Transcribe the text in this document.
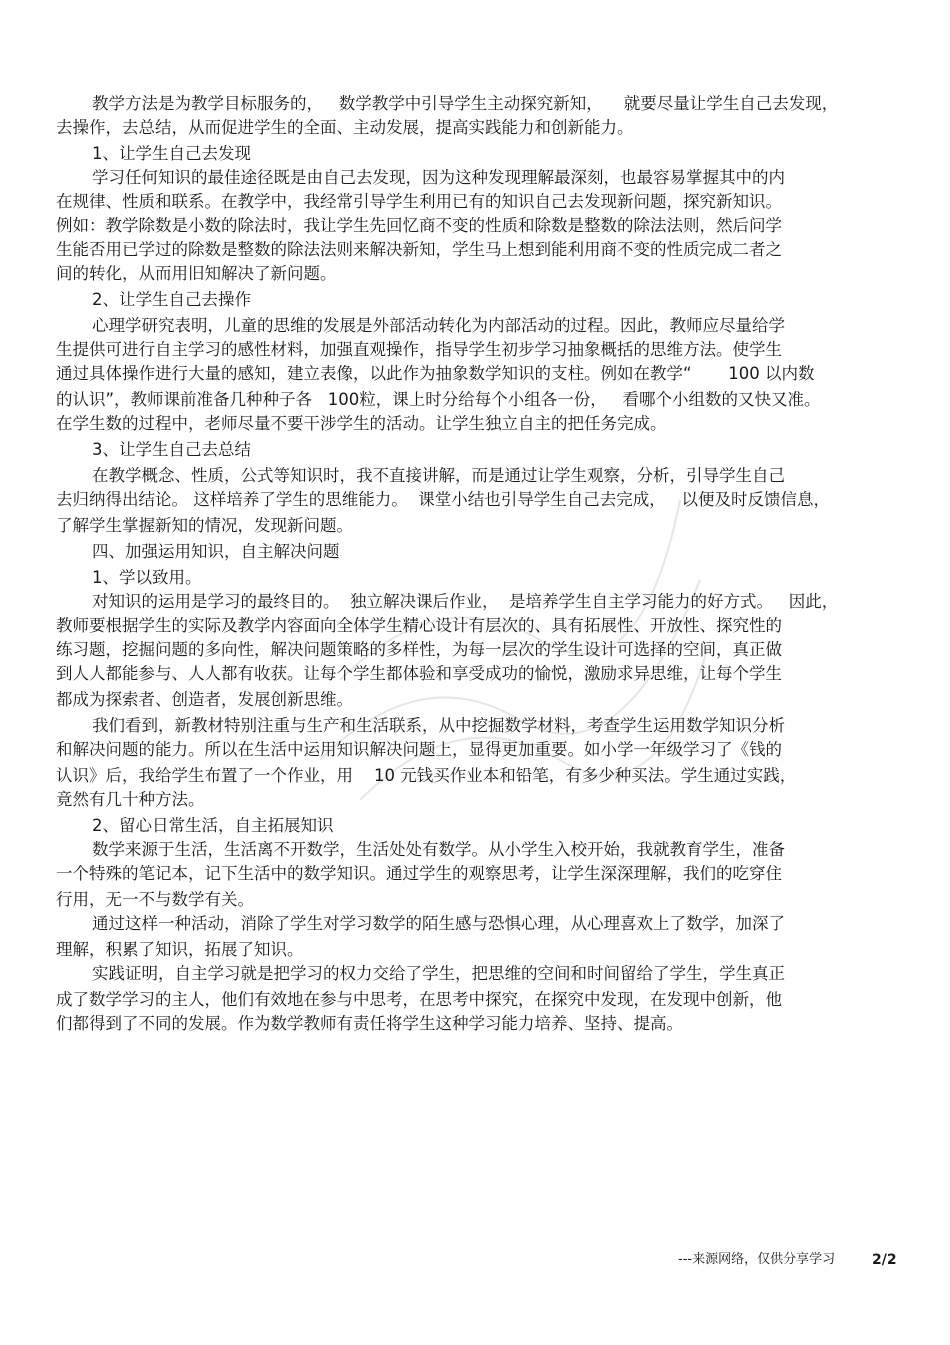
教学方法是为教学目标服务的，   数学教学中引导学生主动探究新知，    就要尽量让学生自己去发现，
去操作，去总结，从而促进学生的全面、主动发展，提高实践能力和创新能力。
1、让学生自己去发现
学习任何知识的最佳途径既是由自己去发现，因为这种发现理解最深刻，也最容易掌握其中的内
在规律、性质和联系。在教学中，我经常引导学生利用已有的知识自己去发现新问题，探究新知识。
例如：教学除数是小数的除法时，我让学生先回忆商不变的性质和除数是整数的除法法则，然后问学
生能否用已学过的除数是整数的除法法则来解决新知，学生马上想到能利用商不变的性质完成二者之
间的转化，从而用旧知解决了新问题。
2、让学生自己去操作
心理学研究表明，儿童的思维的发展是外部活动转化为内部活动的过程。因此，教师应尽量给学
生提供可进行自主学习的感性材料，加强直观操作，指导学生初步学习抽象概括的思维方法。使学生
通过具体操作进行大量的感知，建立表像，以此作为抽象数学知识的支柱。例如在教学“       100 以内数
的认识”，教师课前准备几种种子各   100粒，课上时分给每个小组各一份，   看哪个小组数的又快又准。
在学生数的过程中，老师尽量不要干涉学生的活动。让学生独立自主的把任务完成。
3、让学生自己去总结
在教学概念、性质，公式等知识时，我不直接讲解，而是通过让学生观察，分析，引导学生自己
去归纳得出结论。 这样培养了学生的思维能力。  课堂小结也引导学生自己去完成，   以便及时反馈信息，
了解学生掌握新知的情况，发现新问题。
四、加强运用知识，自主解决问题
1、学以致用。
对知识的运用是学习的最终目的。  独立解决课后作业，  是培养学生自主学习能力的好方式。   因此，
教师要根据学生的实际及教学内容面向全体学生精心设计有层次的、具有拓展性、开放性、探究性的
练习题，挖掘问题的多向性，解决问题策略的多样性，为每一层次的学生设计可选择的空间，真正做
到人人都能参与、人人都有收获。让每个学生都体验和享受成功的愉悦，激励求异思维，让每个学生
都成为探索者、创造者，发展创新思维。
我们看到，新教材特别注重与生产和生活联系，从中挖掘数学材料，考查学生运用数学知识分析
和解决问题的能力。所以在生活中运用知识解决问题上，显得更加重要。如小学一年级学习了《钱的
认识》后，我给学生布置了一个作业，用    10 元钱买作业本和铅笔，有多少种买法。学生通过实践，
竟然有几十种方法。
2、留心日常生活，自主拓展知识
数学来源于生活，生活离不开数学，生活处处有数学。从小学生入校开始，我就教育学生，准备
一个特殊的笔记本，记下生活中的数学知识。通过学生的观察思考，让学生深深理解，我们的吃穿住
行用，无一不与数学有关。
通过这样一种活动，消除了学生对学习数学的陌生感与恐惧心理，从心理喜欢上了数学，加深了
理解，积累了知识，拓展了知识。
实践证明，自主学习就是把学习的权力交给了学生，把思维的空间和时间留给了学生，学生真正
成了数学学习的主人，他们有效地在参与中思考，在思考中探究，在探究中发现，在发现中创新，他
们都得到了不同的发展。作为数学教师有责任将学生这种学习能力培养、坚持、提高。
---来源网络，仅供分享学习	2/2
